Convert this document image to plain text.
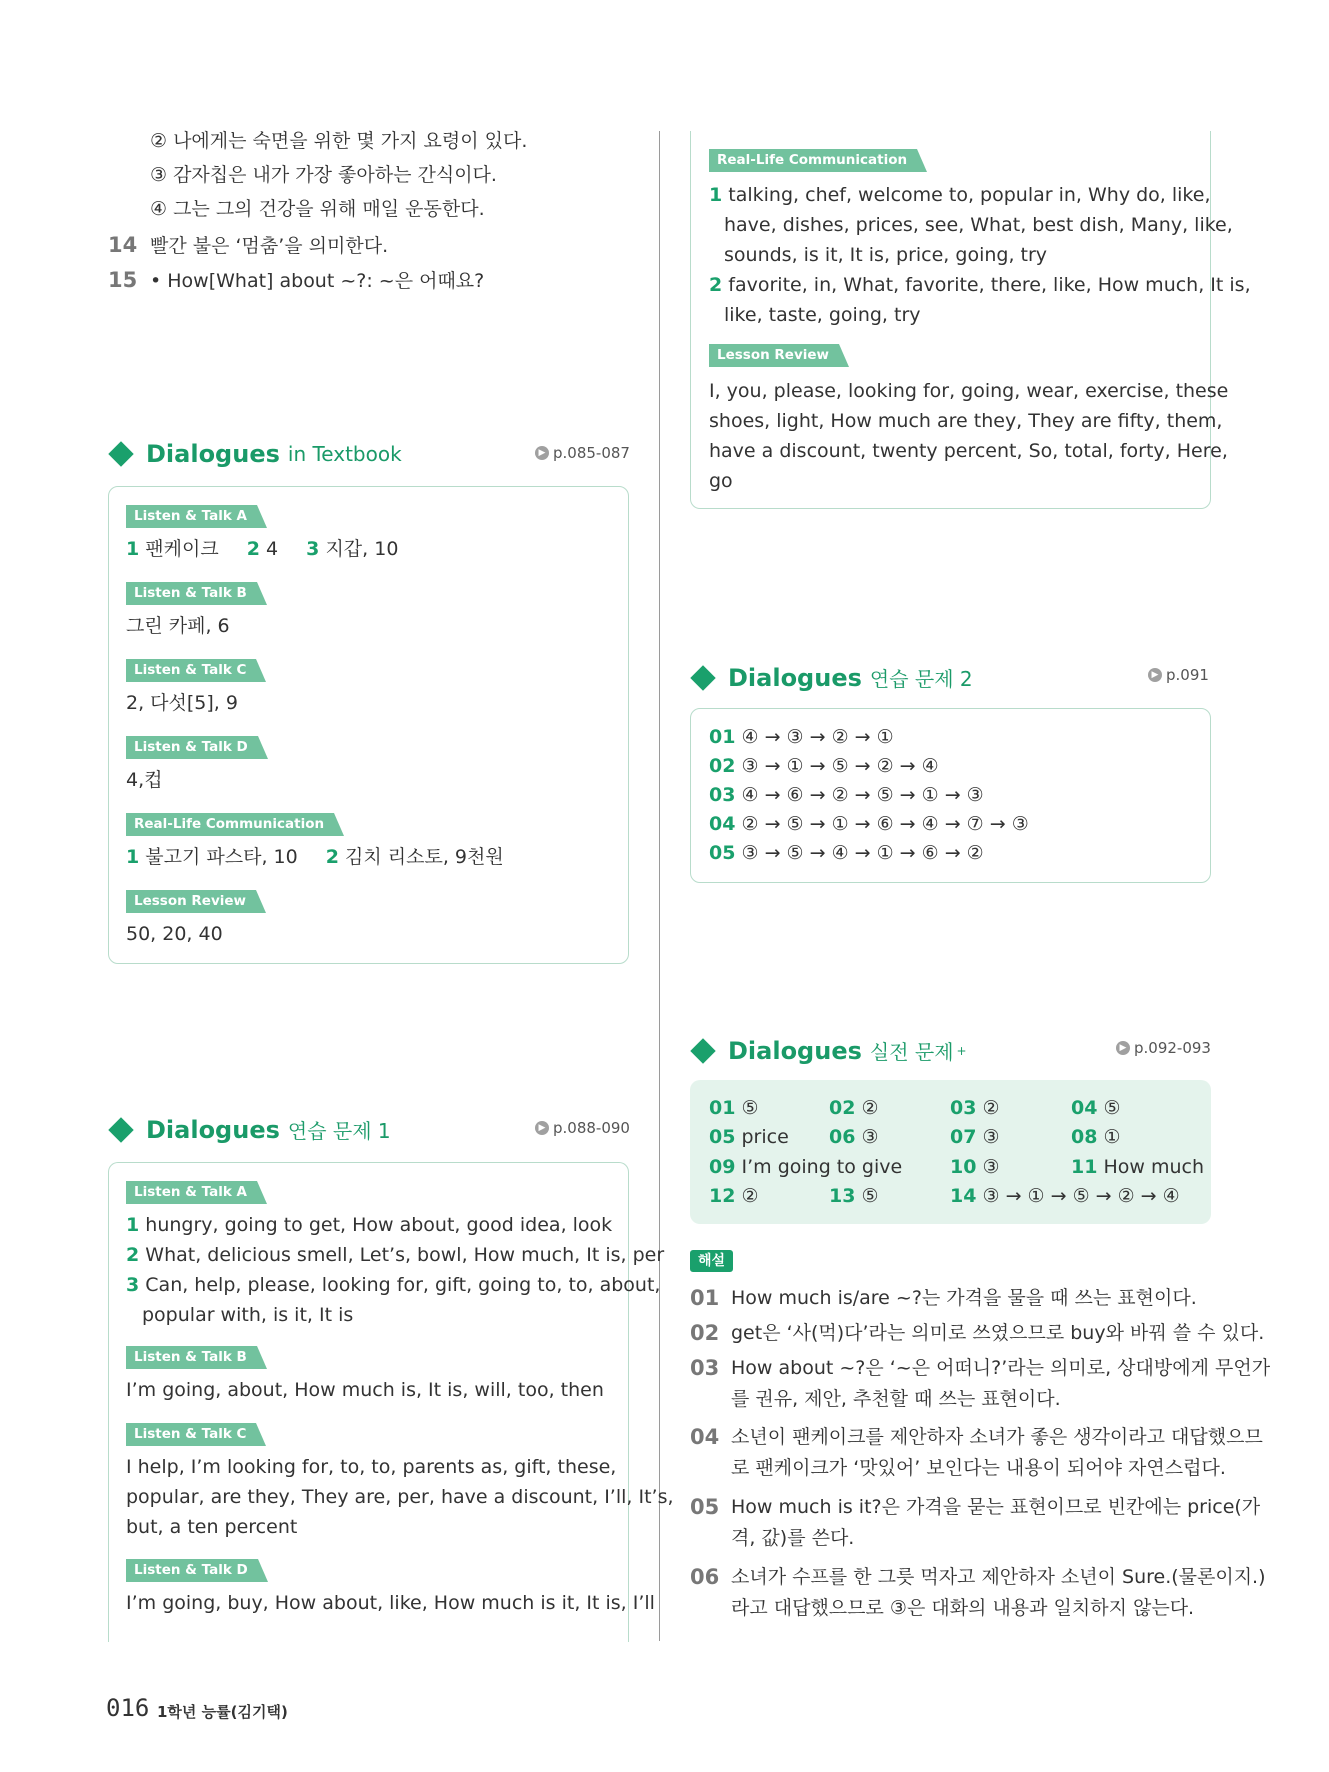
② 나에게는 숙면을 위한 몇 가지 요령이 있다.
③ 감자칩은 내가 가장 좋아하는 간식이다.
④ 그는 그의 건강을 위해 매일 운동한다.
14 빨간 불은 ‘멈춤’을 의미한다.
15 • How[What] about ~?: ~은 어때요?
Dialogues in Textbook	▶ p.085-087
Listen & Talk A
1 팬케이크 2 4 3 지갑, 10
Listen & Talk B
그린 카페, 6
Listen & Talk C
2, 다섯[5], 9
Listen & Talk D
4,컵
Real-Life Communication
1 불고기 파스타, 10 2 김치 리소토, 9천원
Lesson Review
50, 20, 40
Dialogues 연습 문제 1	▶ p.088-090
Listen & Talk A
1 hungry, going to get, How about, good idea, look
2 What, delicious smell, Let’s, bowl, How much, It is, per
3 Can, help, please, looking for, gift, going to, to, about,
popular with, is it, It is
Listen & Talk B
I’m going, about, How much is, It is, will, too, then
Listen & Talk C
I help, I’m looking for, to, to, parents as, gift, these,
popular, are they, They are, per, have a discount, I’ll, It’s,
but, a ten percent
Listen & Talk D
I’m going, buy, How about, like, How much is it, It is, I’ll
Real-Life Communication
1 talking, chef, welcome to, popular in, Why do, like,
have, dishes, prices, see, What, best dish, Many, like,
sounds, is it, It is, price, going, try
2 favorite, in, What, favorite, there, like, How much, It is,
like, taste, going, try
Lesson Review
I, you, please, looking for, going, wear, exercise, these
shoes, light, How much are they, They are fifty, them,
have a discount, twenty percent, So, total, forty, Here,
go
Dialogues 연습 문제 2	▶ p.091
01 ④ → ③ → ② → ①
02 ③ → ① → ⑤ → ② → ④
03 ④ → ⑥ → ② → ⑤ → ① → ③
04 ② → ⑤ → ① → ⑥ → ④ → ⑦ → ③
05 ③ → ⑤ → ④ → ① → ⑥ → ②
Dialogues 실전 문제 +	▶ p.092-093
01 ⑤	02 ②	03 ②	04 ⑤
05 price 06 ③	07 ③	08 ①
09 I’m going to give	10 ③	11 How much
12 ②	13 ⑤	14 ③ → ① → ⑤ → ② → ④
해설
01 How much is/are ~?는 가격을 물을 때 쓰는 표현이다.
02 get은 ‘사(먹)다’라는 의미로 쓰였으므로 buy와 바꿔 쓸 수 있다.
03 How about ~?은 ‘~은 어떠니?’라는 의미로, 상대방에게 무언가
를 권유, 제안, 추천할 때 쓰는 표현이다.
04 소년이 팬케이크를 제안하자 소녀가 좋은 생각이라고 대답했으므
로 팬케이크가 ‘맛있어’ 보인다는 내용이 되어야 자연스럽다.
05 How much is it?은 가격을 묻는 표현이므로 빈칸에는 price(가
격, 값)를 쓴다.
06 소녀가 수프를 한 그릇 먹자고 제안하자 소년이 Sure.(물론이지.)
라고 대답했으므로 ③은 대화의 내용과 일치하지 않는다.
016 1학년 능률(김기택)
